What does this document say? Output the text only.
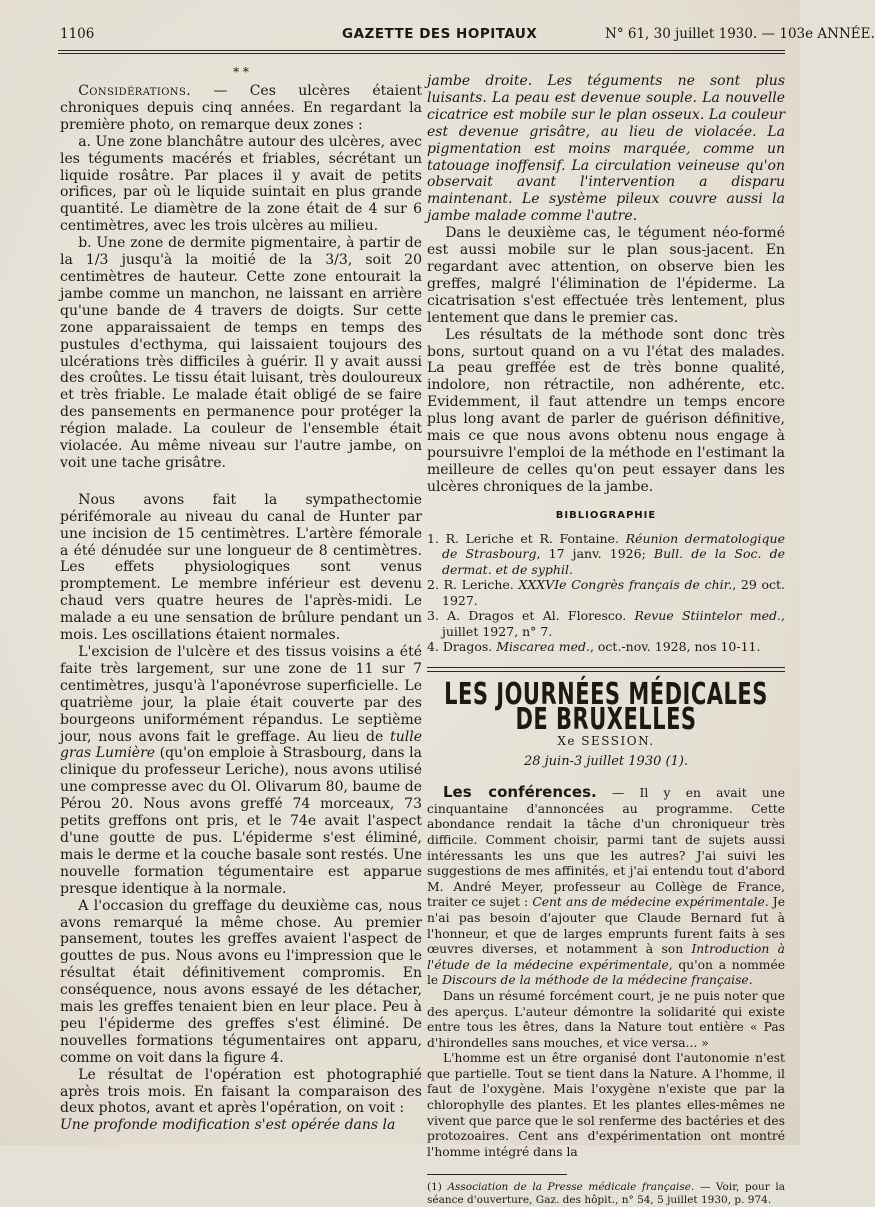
1106	GAZETTE DES HOPITAUX	N° 61, 30 juillet 1930. — 103e ANNÉE.
* *

Considérations. — Ces ulcères étaient chroniques depuis cinq années. En regardant la première photo, on remarque deux zones :

a. Une zone blanchâtre autour des ulcères, avec les téguments macérés et friables, sécrétant un liquide rosâtre. Par places il y avait de petits orifices, par où le liquide suintait en plus grande quantité. Le diamètre de la zone était de 4 sur 6 centimètres, avec les trois ulcères au milieu.

b. Une zone de dermite pigmentaire, à partir de la 1/3 jusqu'à la moitié de la 3/3, soit 20 centimètres de hauteur. Cette zone entourait la jambe comme un manchon, ne laissant en arrière qu'une bande de 4 travers de doigts. Sur cette zone apparaissaient de temps en temps des pustules d'ecthyma, qui laissaient toujours des ulcérations très difficiles à guérir. Il y avait aussi des croûtes. Le tissu était luisant, très douloureux et très friable. Le malade était obligé de se faire des pansements en permanence pour protéger la région malade. La couleur de l'ensemble était violacée. Au même niveau sur l'autre jambe, on voit une tache grisâtre.

Nous avons fait la sympathectomie périfémorale au niveau du canal de Hunter par une incision de 15 centimètres. L'artère fémorale a été dénudée sur une longueur de 8 centimètres. Les effets physiologiques sont venus promptement. Le membre inférieur est devenu chaud vers quatre heures de l'après-midi. Le malade a eu une sensation de brûlure pendant un mois. Les oscillations étaient normales.

L'excision de l'ulcère et des tissus voisins a été faite très largement, sur une zone de 11 sur 7 centimètres, jusqu'à l'aponévrose superficielle. Le quatrième jour, la plaie était couverte par des bourgeons uniformément répandus. Le septième jour, nous avons fait le greffage. Au lieu de tulle gras Lumière (qu'on emploie à Strasbourg, dans la clinique du professeur Leriche), nous avons utilisé une compresse avec du Ol. Olivarum 80, baume de Pérou 20. Nous avons greffé 74 morceaux, 73 petits greffons ont pris, et le 74e avait l'aspect d'une goutte de pus. L'épiderme s'est éliminé, mais le derme et la couche basale sont restés. Une nouvelle formation tégumentaire est apparue presque identique à la normale.

A l'occasion du greffage du deuxième cas, nous avons remarqué la même chose. Au premier pansement, toutes les greffes avaient l'aspect de gouttes de pus. Nous avons eu l'impression que le résultat était définitivement compromis. En conséquence, nous avons essayé de les détacher, mais les greffes tenaient bien en leur place. Peu à peu l'épiderme des greffes s'est éliminé. De nouvelles formations tégumentaires ont apparu, comme on voit dans la figure 4.

Le résultat de l'opération est photographié après trois mois. En faisant la comparaison des deux photos, avant et après l'opération, on voit :
Une profonde modification s'est opérée dans la

jambe droite. Les téguments ne sont plus luisants. La peau est devenue souple. La nouvelle cicatrice est mobile sur le plan osseux. La couleur est devenue grisâtre, au lieu de violacée. La pigmentation est moins marquée, comme un tatouage inoffensif. La circulation veineuse qu'on observait avant l'intervention a disparu maintenant. Le système pileux couvre aussi la jambe malade comme l'autre.

Dans le deuxième cas, le tégument néo-formé est aussi mobile sur le plan sous-jacent. En regardant avec attention, on observe bien les greffes, malgré l'élimination de l'épiderme. La cicatrisation s'est effectuée très lentement, plus lentement que dans le premier cas.

Les résultats de la méthode sont donc très bons, surtout quand on a vu l'état des malades. La peau greffée est de très bonne qualité, indolore, non rétractile, non adhérente, etc. Evidemment, il faut attendre un temps encore plus long avant de parler de guérison définitive, mais ce que nous avons obtenu nous engage à poursuivre l'emploi de la méthode en l'estimant la meilleure de celles qu'on peut essayer dans les ulcères chroniques de la jambe.

BIBLIOGRAPHIE

1. R. Leriche et R. Fontaine. Réunion dermatologique de Strasbourg, 17 janv. 1926; Bull. de la Soc. de dermat. et de syphil.

2. R. Leriche. XXXVIe Congrès français de chir., 29 oct. 1927.

3. A. Dragos et Al. Floresco. Revue Stiintelor med., juillet 1927, n° 7.

4. Dragos. Miscarea med., oct.-nov. 1928, nos 10-11.

LES JOURNÉES MÉDICALES DE BRUXELLES
Xe SESSION.
28 juin-3 juillet 1930 (1).

Les conférences. — Il y en avait une cinquantaine d'annoncées au programme. Cette abondance rendait la tâche d'un chroniqueur très difficile. Comment choisir, parmi tant de sujets aussi intéressants les uns que les autres? J'ai suivi les suggestions de mes affinités, et j'ai entendu tout d'abord M. André Meyer, professeur au Collège de France, traiter ce sujet : Cent ans de médecine expérimentale. Je n'ai pas besoin d'ajouter que Claude Bernard fut à l'honneur, et que de larges emprunts furent faits à ses œuvres diverses, et notamment à son Introduction à l'étude de la médecine expérimentale, qu'on a nommée le Discours de la méthode de la médecine française.

Dans un résumé forcément court, je ne puis noter que des aperçus. L'auteur démontre la solidarité qui existe entre tous les êtres, dans la Nature tout entière « Pas d'hirondelles sans mouches, et vice versa... »

L'homme est un être organisé dont l'autonomie n'est que partielle. Tout se tient dans la Nature. A l'homme, il faut de l'oxygène. Mais l'oxygène n'existe que par la chlorophylle des plantes. Et les plantes elles-mêmes ne vivent que parce que le sol renferme des bactéries et des protozoaires. Cent ans d'expérimentation ont montré l'homme intégré dans la

(1) Association de la Presse médicale française. — Voir, pour la séance d'ouverture, Gaz. des hôpit., n° 54, 5 juillet 1930, p. 974.
